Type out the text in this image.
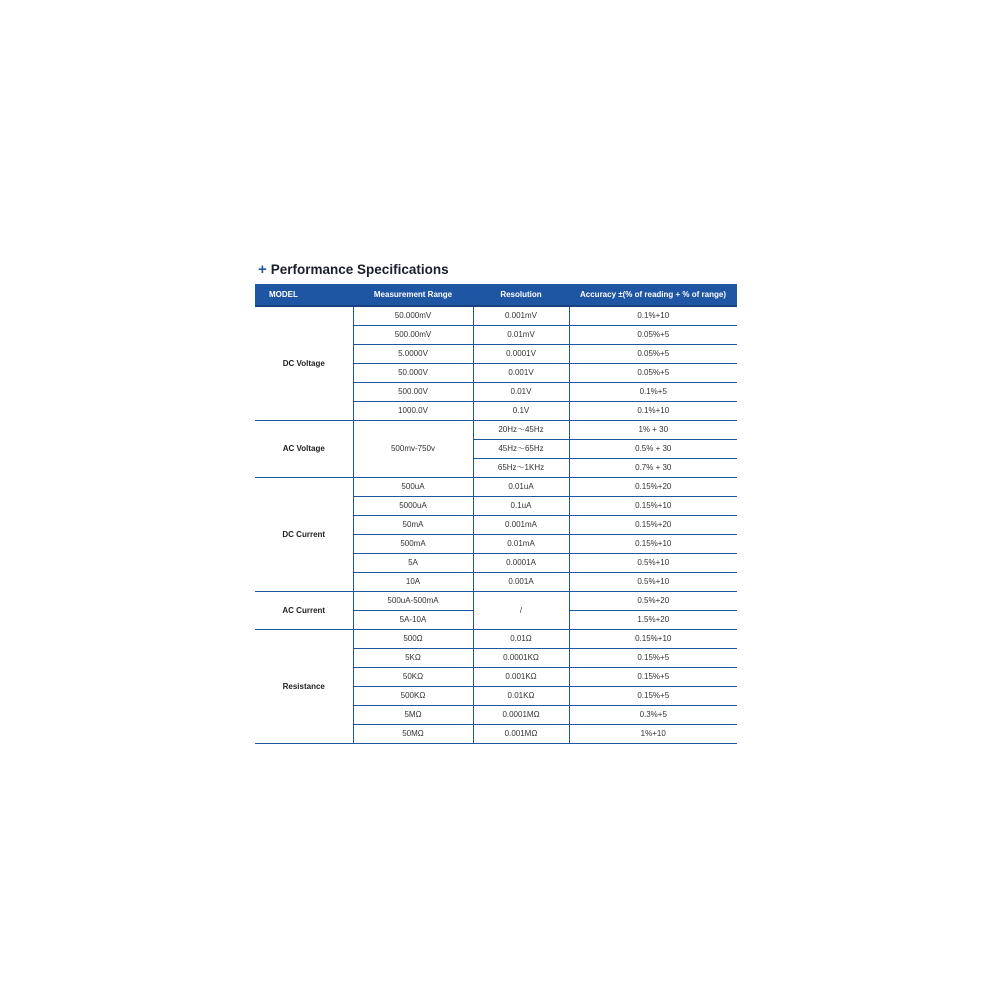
+ Performance Specifications
MODEL	Measurement Range	Resolution	Accuracy ±(% of reading + % of range)
DC Voltage	50.000mV	0.001mV	0.1%+10
	500.00mV	0.01mV	0.05%+5
	5.0000V	0.0001V	0.05%+5
	50.000V	0.001V	0.05%+5
	500.00V	0.01V	0.1%+5
	1000.0V	0.1V	0.1%+10
AC Voltage	500mv-750v	20Hz～45Hz	1% + 30
		45Hz～65Hz	0.5% + 30
		65Hz～1KHz	0.7% + 30
DC Current	500uA	0.01uA	0.15%+20
	5000uA	0.1uA	0.15%+10
	50mA	0.001mA	0.15%+20
	500mA	0.01mA	0.15%+10
	5A	0.0001A	0.5%+10
	10A	0.001A	0.5%+10
AC Current	500uA-500mA	/	0.5%+20
	5A-10A		1.5%+20
Resistance	500Ω	0.01Ω	0.15%+10
	5KΩ	0.0001KΩ	0.15%+5
	50KΩ	0.001KΩ	0.15%+5
	500KΩ	0.01KΩ	0.15%+5
	5MΩ	0.0001MΩ	0.3%+5
	50MΩ	0.001MΩ	1%+10
